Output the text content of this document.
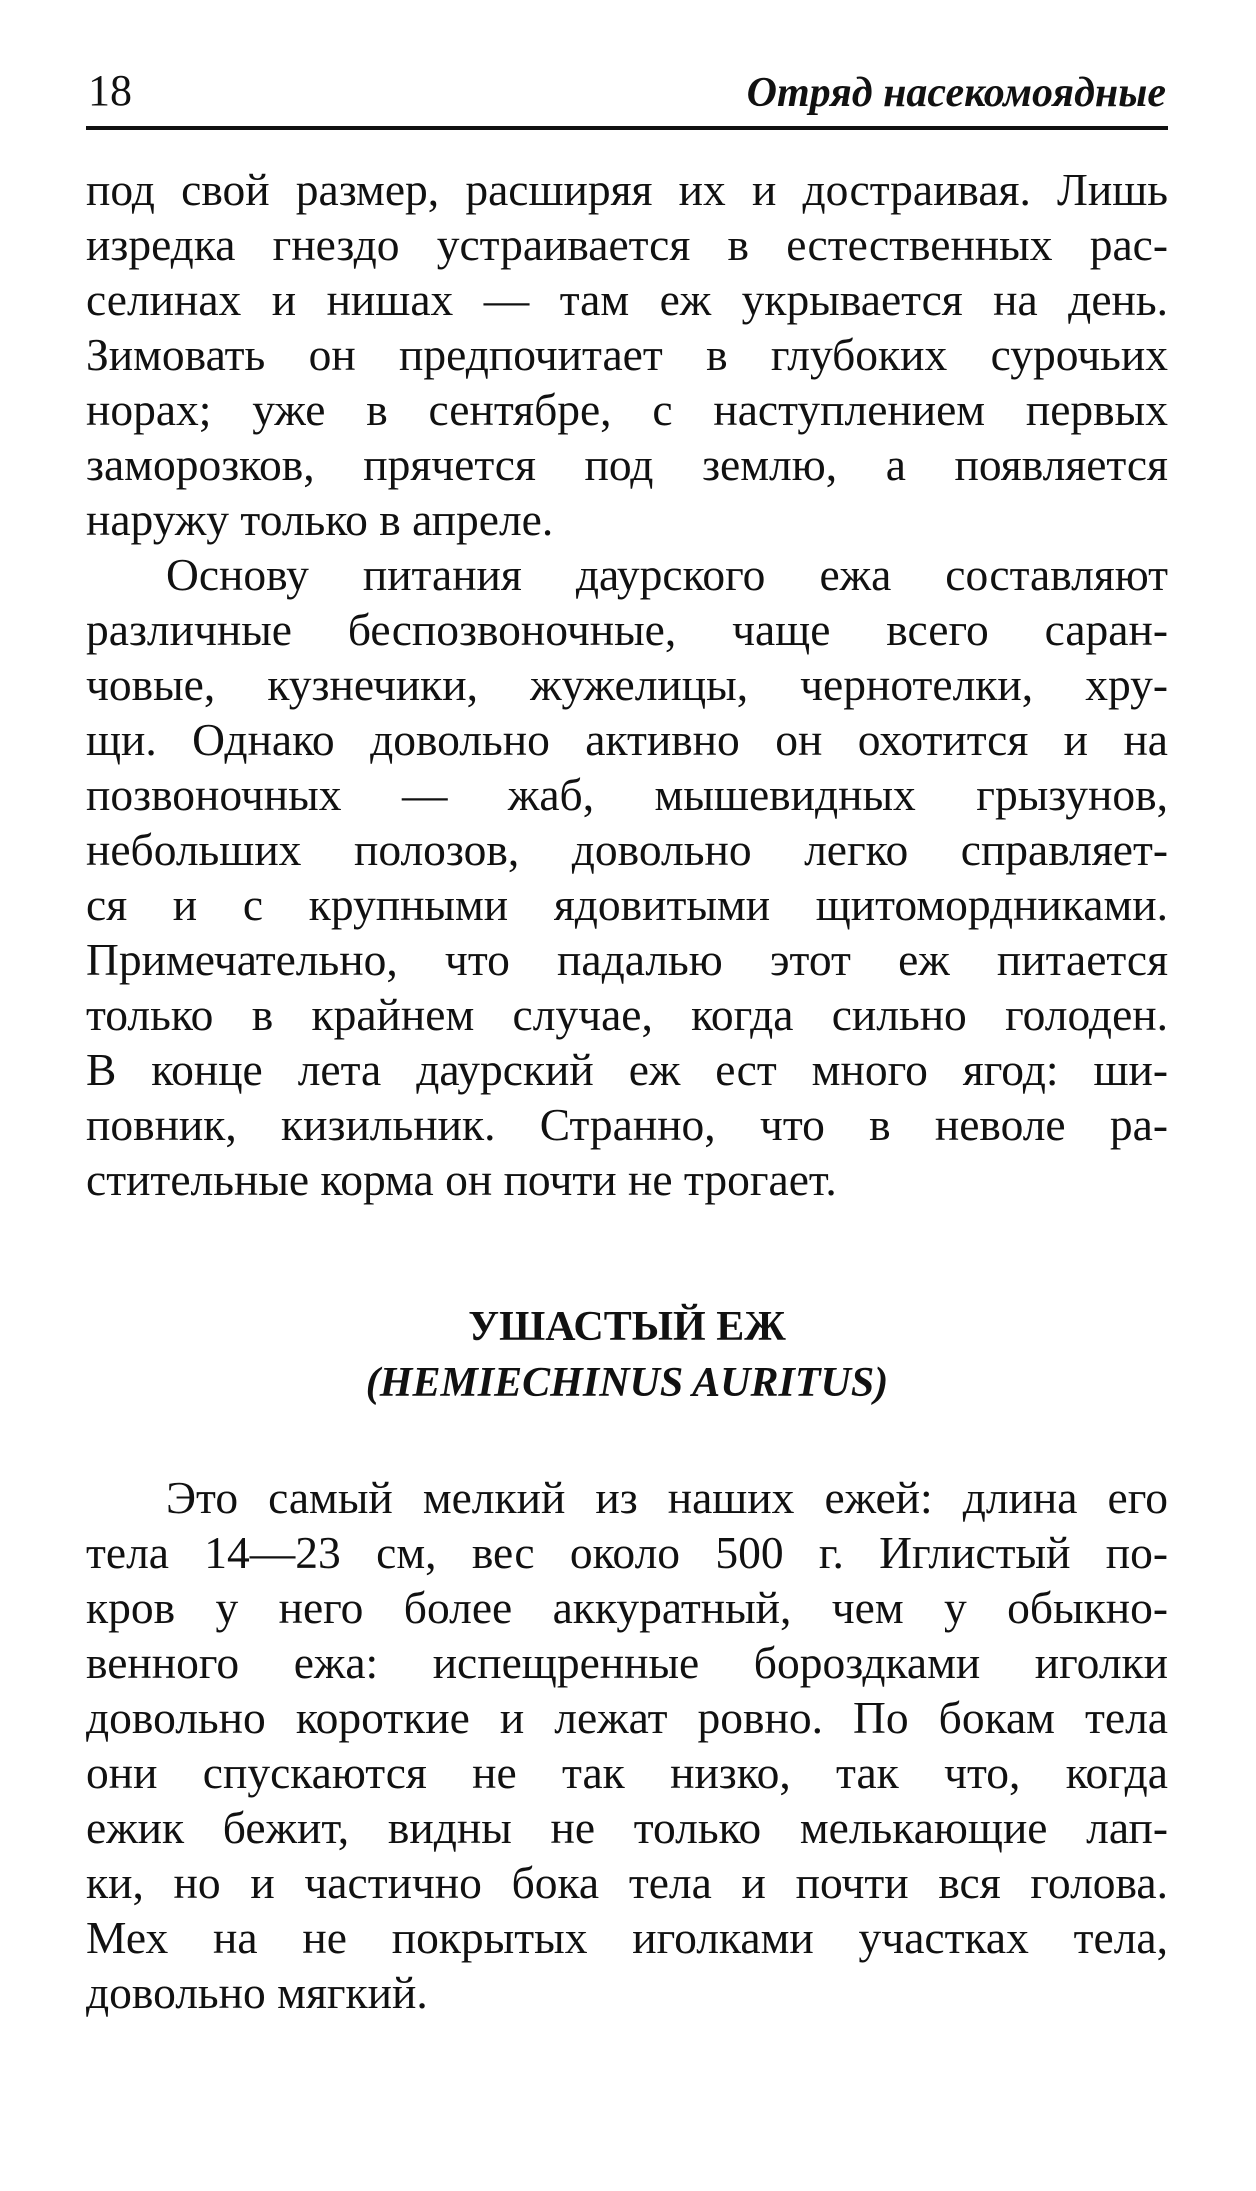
18	Отряд насекомоядные
под свой размер, расширяя их и достраивая. Лишь
изредка гнездо устраивается в естественных рас-
селинах и нишах — там еж укрывается на день.
Зимовать он предпочитает в глубоких сурочьих
норах; уже в сентябре, с наступлением первых
заморозков, прячется под землю, а появляется
наружу только в апреле.
Основу питания даурского ежа составляют
различные беспозвоночные, чаще всего саран-
човые, кузнечики, жужелицы, чернотелки, хру-
щи. Однако довольно активно он охотится и на
позвоночных — жаб, мышевидных грызунов,
небольших полозов, довольно легко справляет-
ся и с крупными ядовитыми щитомордниками.
Примечательно, что падалью этот еж питается
только в крайнем случае, когда сильно голоден.
В конце лета даурский еж ест много ягод: ши-
повник, кизильник. Странно, что в неволе ра-
стительные корма он почти не трогает.
УШАСТЫЙ ЕЖ
(HEMIECHINUS AURITUS)
Это самый мелкий из наших ежей: длина его
тела 14—23 см, вес около 500 г. Иглистый по-
кров у него более аккуратный, чем у обыкно-
венного ежа: испещренные бороздками иголки
довольно короткие и лежат ровно. По бокам тела
они спускаются не так низко, так что, когда
ежик бежит, видны не только мелькающие лап-
ки, но и частично бока тела и почти вся голова.
Мех на не покрытых иголками участках тела,
довольно мягкий.
